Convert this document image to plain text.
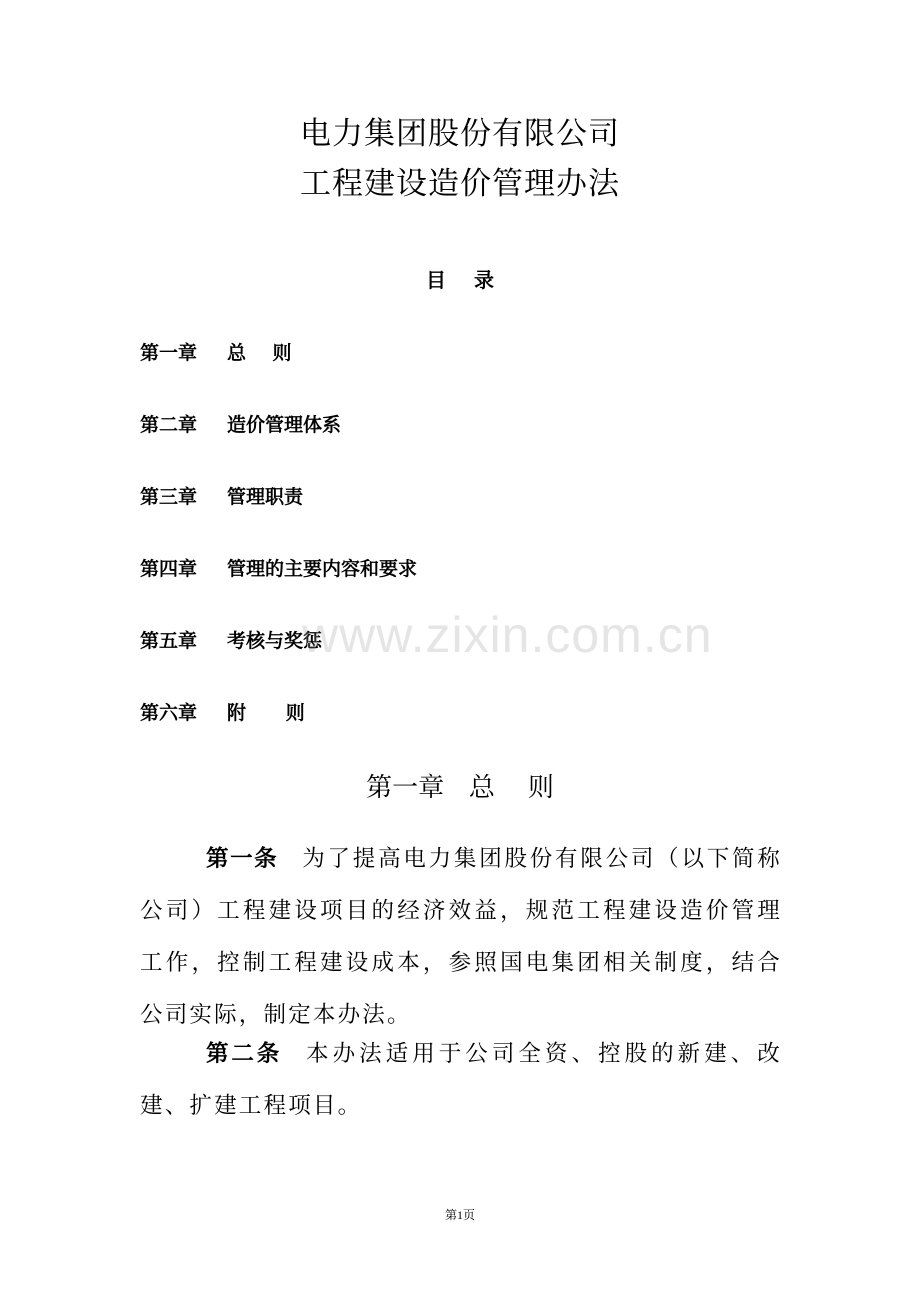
电力集团股份有限公司
工程建设造价管理办法
目 录
第一章 总    则
第二章 造价管理体系
第三章 管理职责
第四章 管理的主要内容和要求
第五章 考核与奖惩
第六章 附      则
www.zixin.com.cn
第一章   总    则

第一条 为了提高电力集团股份有限公司（以下简称公司）工程建设项目的经济效益，规范工程建设造价管理工作，控制工程建设成本，参照国电集团相关制度，结合公司实际，制定本办法。

第二条 本办法适用于公司全资、控股的新建、改建、扩建工程项目。

第1页
